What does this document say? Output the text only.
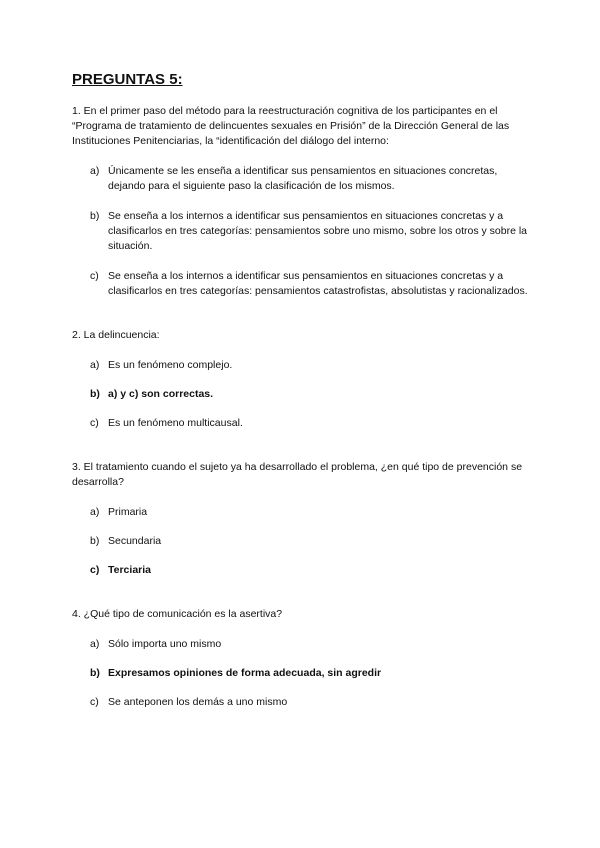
PREGUNTAS 5:

1. En el primer paso del método para la reestructuración cognitiva de los participantes en el “Programa de tratamiento de delincuentes sexuales en Prisión” de la Dirección General de las Instituciones Penitenciarias, la “identificación del diálogo del interno:

a) Únicamente se les enseña a identificar sus pensamientos en situaciones concretas, dejando para el siguiente paso la clasificación de los mismos.
b) Se enseña a los internos a identificar sus pensamientos en situaciones concretas y a clasificarlos en tres categorías: pensamientos sobre uno mismo, sobre los otros y sobre la situación.
c) Se enseña a los internos a identificar sus pensamientos en situaciones concretas y a clasificarlos en tres categorías: pensamientos catastrofistas, absolutistas y racionalizados.

2. La delincuencia:

a) Es un fenómeno complejo.
b) a) y c) son correctas.
c) Es un fenómeno multicausal.

3. El tratamiento cuando el sujeto ya ha desarrollado el problema, ¿en qué tipo de prevención se desarrolla?

a) Primaria
b) Secundaria
c) Terciaria

4. ¿Qué tipo de comunicación es la asertiva?

a) Sólo importa uno mismo
b) Expresamos opiniones de forma adecuada, sin agredir
c) Se anteponen los demás a uno mismo
